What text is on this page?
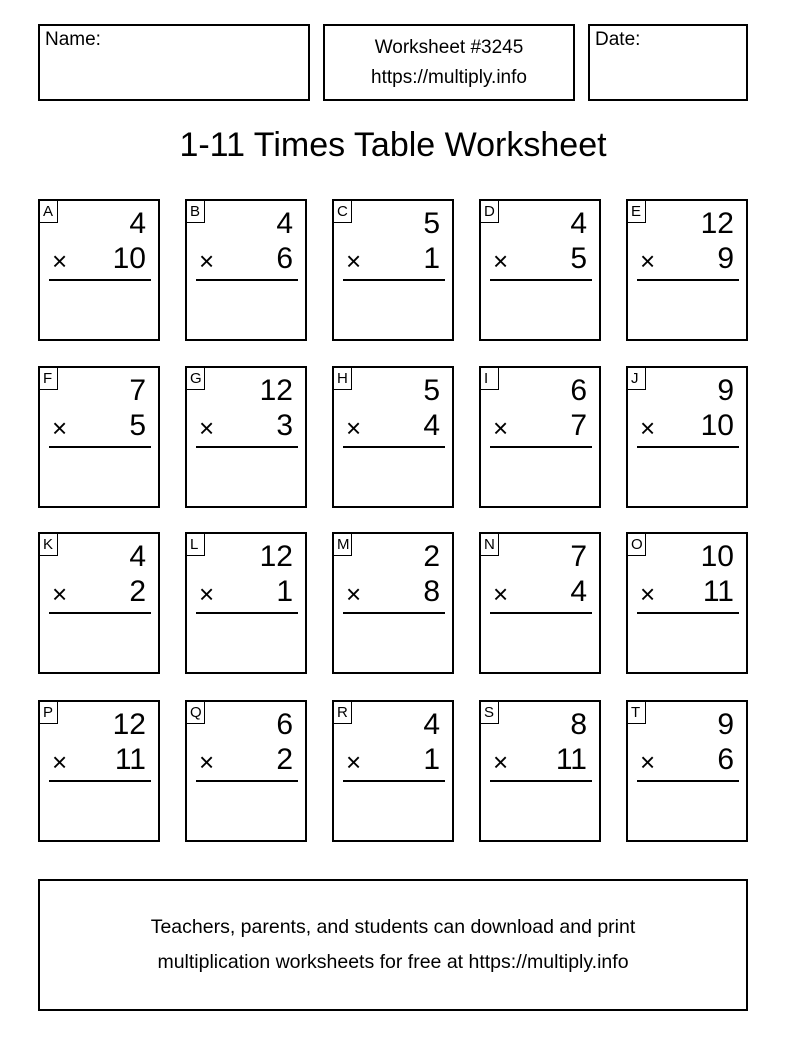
Name:	Worksheet #3245
https://multiply.info
Date:
1-11 Times Table Worksheet
A	4
× 10
B	4
× 6
C	5
× 1
D	4
× 5
E 12
× 9
F	7
× 5
G 12
× 3
H	5
× 4
I	6
× 7
J	9
× 10
K	4
× 2
L 12
× 1
M 2
× 8
N	7
× 4
O 10
× 11
P 12
× 11
Q 6
× 2
R	4
× 1
S	8
× 11
T	9
× 6
Teachers, parents, and students can download and print
multiplication worksheets for free at https://multiply.info
